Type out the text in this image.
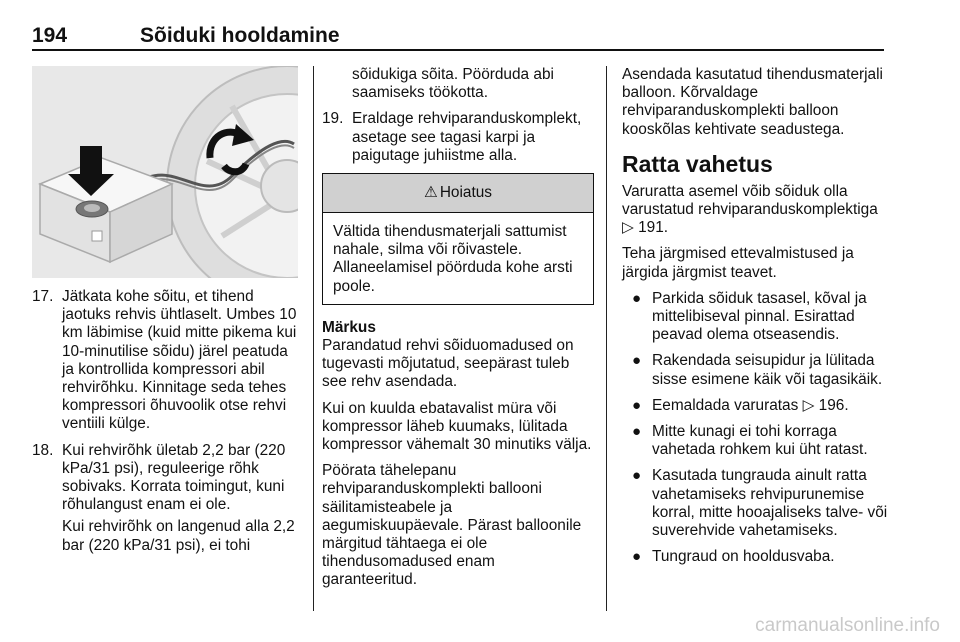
194	Sõiduki hooldamine
17. Jätkata kohe sõitu, et tihend jaotuks rehvis ühtlaselt. Umbes 10 km läbimise (kuid mitte pikema kui 10-minutilise sõidu) järel peatuda ja kontrollida kompressori abil rehvirõhku. Kinnitage seda tehes kompressori õhuvoolik otse rehvi ventiili külge.
18. Kui rehvirõhk ületab 2,2 bar (220 kPa/31 psi), reguleerige rõhk sobivaks. Korrata toimingut, kuni rõhulangust enam ei ole.

Kui rehvirõhk on langenud alla 2,2 bar (220 kPa/31 psi), ei tohi

sõidukiga sõita. Pöörduda abi saamiseks töökotta.

19. Eraldage rehviparanduskomplekt, asetage see tagasi karpi ja paigutage juhiistme alla.
⚠ Hoiatus
Vältida tihendusmaterjali sattumist nahale, silma või rõivastele. Allaneelamisel pöörduda kohe arsti poole.
Märkus

Parandatud rehvi sõiduomadused on tugevasti mõjutatud, seepärast tuleb see rehv asendada.

Kui on kuulda ebatavalist müra või kompressor läheb kuumaks, lülitada kompressor vähemalt 30 minutiks välja.

Pöörata tähelepanu rehviparanduskomplekti ballooni säilitamisteabele ja aegumiskuupäevale. Pärast balloonile märgitud tähtaega ei ole tihendusomadused enam garanteeritud.

Asendada kasutatud tihendusmaterjali balloon. Kõrvaldage rehviparanduskomplekti balloon kooskõlas kehtivate seadustega.

Ratta vahetus

Varuratta asemel võib sõiduk olla varustatud rehviparanduskomplektiga ▷ 191.

Teha järgmised ettevalmistused ja järgida järgmist teavet.

● Parkida sõiduk tasasel, kõval ja mittelibiseval pinnal. Esirattad peavad olema otseasendis.
● Rakendada seisupidur ja lülitada sisse esimene käik või tagasikäik.
● Eemaldada varuratas ▷ 196.
● Mitte kunagi ei tohi korraga vahetada rohkem kui üht ratast.
● Kasutada tungrauda ainult ratta vahetamiseks rehvipurunemise korral, mitte hooajaliseks talve- või suverehvide vahetamiseks.
● Tungraud on hooldusvaba.
carmanualsonline.info
